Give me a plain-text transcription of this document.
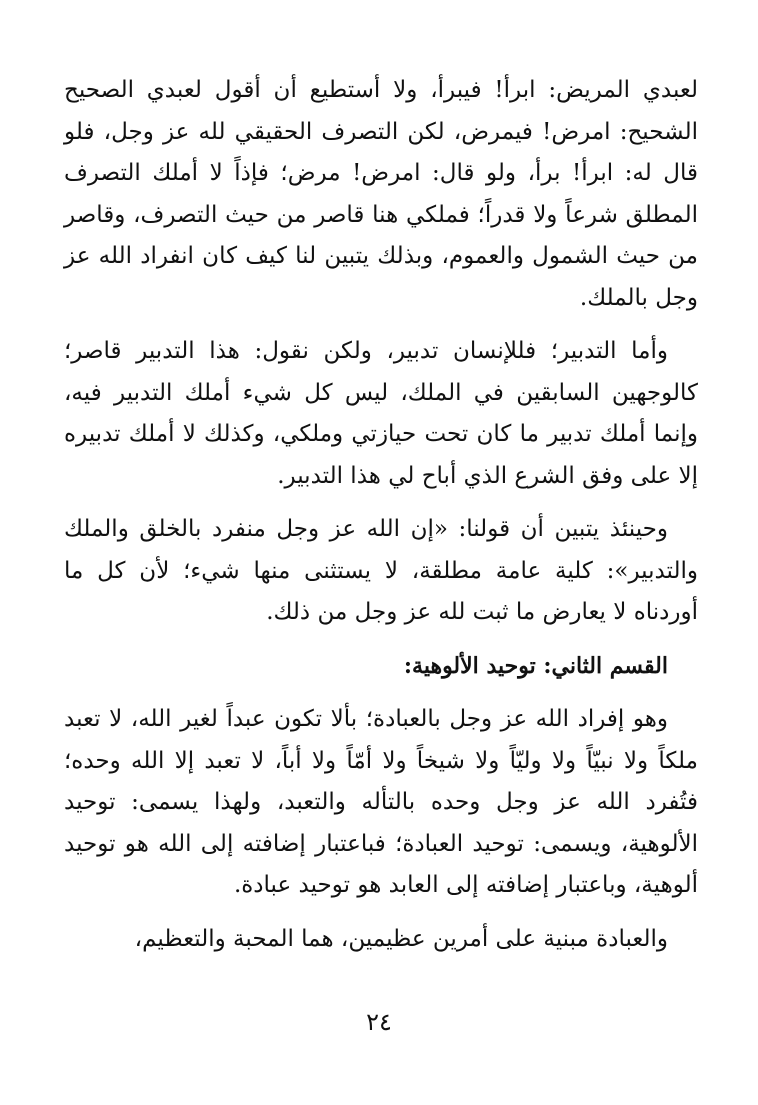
لعبدي المريض: ابرأ! فيبرأ، ولا أستطيع أن أقول لعبدي الصحيح الشحيح: امرض! فيمرض، لكن التصرف الحقيقي لله عز وجل، فلو قال له: ابرأ! برأ، ولو قال: امرض! مرض؛ فإذاً لا أملك التصرف المطلق شرعاً ولا قدراً؛ فملكي هنا قاصر من حيث التصرف، وقاصر من حيث الشمول والعموم، وبذلك يتبين لنا كيف كان انفراد الله عز وجل بالملك.

وأما التدبير؛ فللإنسان تدبير، ولكن نقول: هذا التدبير قاصر؛ كالوجهين السابقين في الملك، ليس كل شيء أملك التدبير فيه، وإنما أملك تدبير ما كان تحت حيازتي وملكي، وكذلك لا أملك تدبيره إلا على وفق الشرع الذي أباح لي هذا التدبير.

وحينئذ يتبين أن قولنا: «إن الله عز وجل منفرد بالخلق والملك والتدبير»: كلية عامة مطلقة، لا يستثنى منها شيء؛ لأن كل ما أوردناه لا يعارض ما ثبت لله عز وجل من ذلك.

القسم الثاني: توحيد الألوهية:

وهو إفراد الله عز وجل بالعبادة؛ بألا تكون عبداً لغير الله، لا تعبد ملكاً ولا نبيّاً ولا وليّاً ولا شيخاً ولا أمّاً ولا أباً، لا تعبد إلا الله وحده؛ فتُفرد الله عز وجل وحده بالتأله والتعبد، ولهذا يسمى: توحيد الألوهية، ويسمى: توحيد العبادة؛ فباعتبار إضافته إلى الله هو توحيد ألوهية، وباعتبار إضافته إلى العابد هو توحيد عبادة.

والعبادة مبنية على أمرين عظيمين، هما المحبة والتعظيم،

٢٤
